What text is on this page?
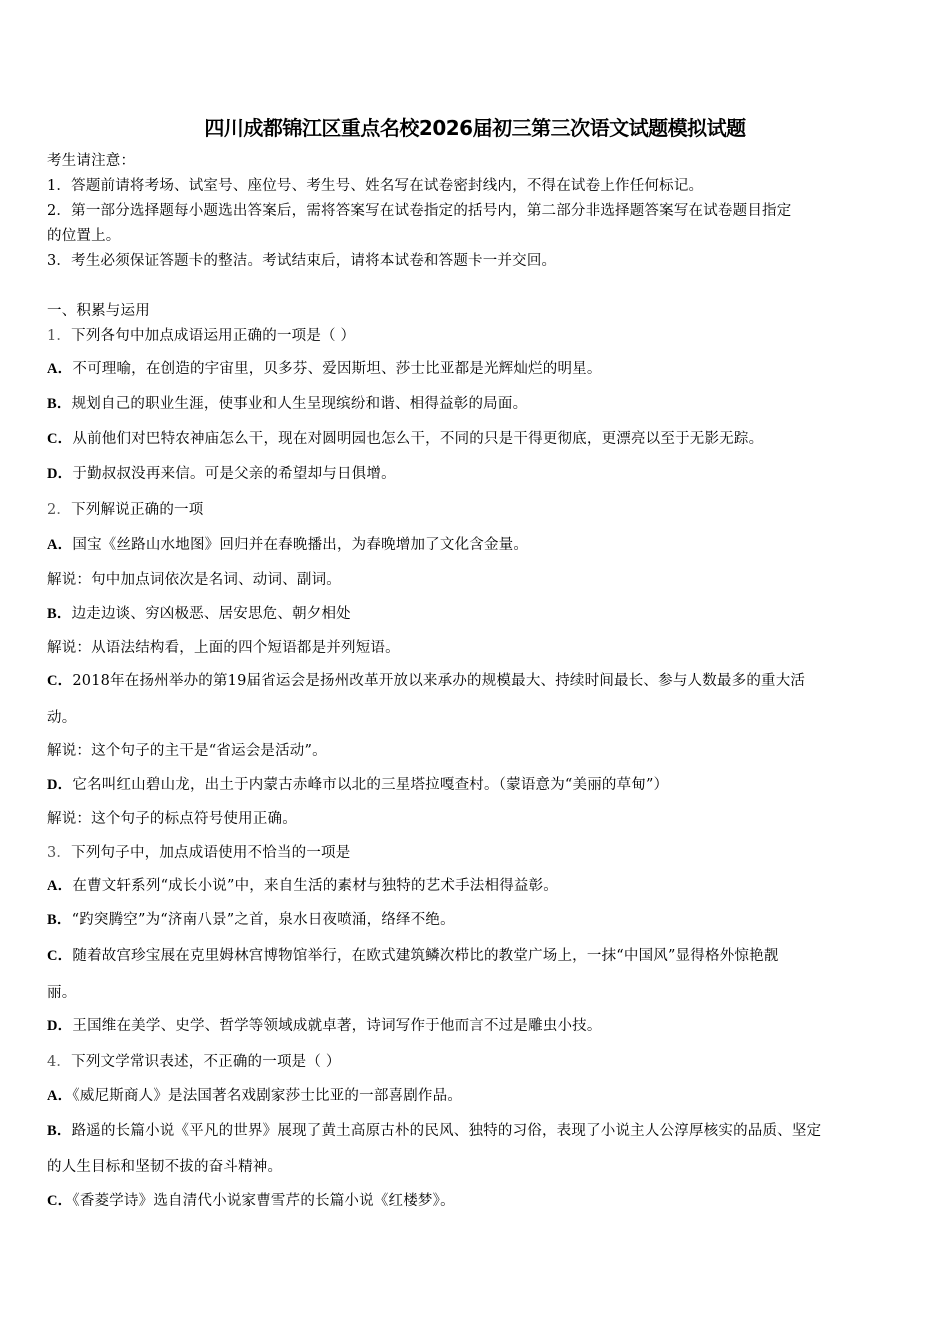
四川成都锦江区重点名校2026届初三第三次语文试题模拟试题
考生请注意：
1．答题前请将考场、试室号、座位号、考生号、姓名写在试卷密封线内，不得在试卷上作任何标记。
2．第一部分选择题每小题选出答案后，需将答案写在试卷指定的括号内，第二部分非选择题答案写在试卷题目指定
的位置上。
3．考生必须保证答题卡的整洁。考试结束后，请将本试卷和答题卡一并交回。
一、积累与运用
1．下列各句中加点成语运用正确的一项是（ ）
A．不可理喻，在创造的宇宙里，贝多芬、爱因斯坦、莎士比亚都是光辉灿烂的明星。
B．规划自己的职业生涯，使事业和人生呈现缤纷和谐、相得益彰的局面。
C．从前他们对巴特农神庙怎么干，现在对圆明园也怎么干，不同的只是干得更彻底，更漂亮以至于无影无踪。
D．于勤叔叔没再来信。可是父亲的希望却与日俱增。
2．下列解说正确的一项
A．国宝《丝路山水地图》回归并在春晚播出，为春晚增加了文化含金量。
解说：句中加点词依次是名词、动词、副词。
B．边走边谈、穷凶极恶、居安思危、朝夕相处
解说：从语法结构看，上面的四个短语都是并列短语。
C．2018年在扬州举办的第19届省运会是扬州改革开放以来承办的规模最大、持续时间最长、参与人数最多的重大活
动。
解说：这个句子的主干是“省运会是活动”。
D．它名叫红山碧山龙，出土于内蒙古赤峰市以北的三星塔拉嘎查村。（蒙语意为“美丽的草甸”）
解说：这个句子的标点符号使用正确。
3．下列句子中，加点成语使用不恰当的一项是
A．在曹文轩系列“成长小说”中，来自生活的素材与独特的艺术手法相得益彰。
B．“趵突腾空”为“济南八景”之首，泉水日夜喷涌，络绎不绝。
C．随着故宫珍宝展在克里姆林宫博物馆举行，在欧式建筑鳞次栉比的教堂广场上，一抹“中国风”显得格外惊艳靓
丽。
D．王国维在美学、史学、哲学等领域成就卓著，诗词写作于他而言不过是雕虫小技。
4．下列文学常识表述，不正确的一项是（ ）
A．《威尼斯商人》是法国著名戏剧家莎士比亚的一部喜剧作品。
B．路遥的长篇小说《平凡的世界》展现了黄土高原古朴的民风、独特的习俗，表现了小说主人公淳厚核实的品质、坚定
的人生目标和坚韧不拔的奋斗精神。
C．《香菱学诗》选自清代小说家曹雪芹的长篇小说《红楼梦》。
